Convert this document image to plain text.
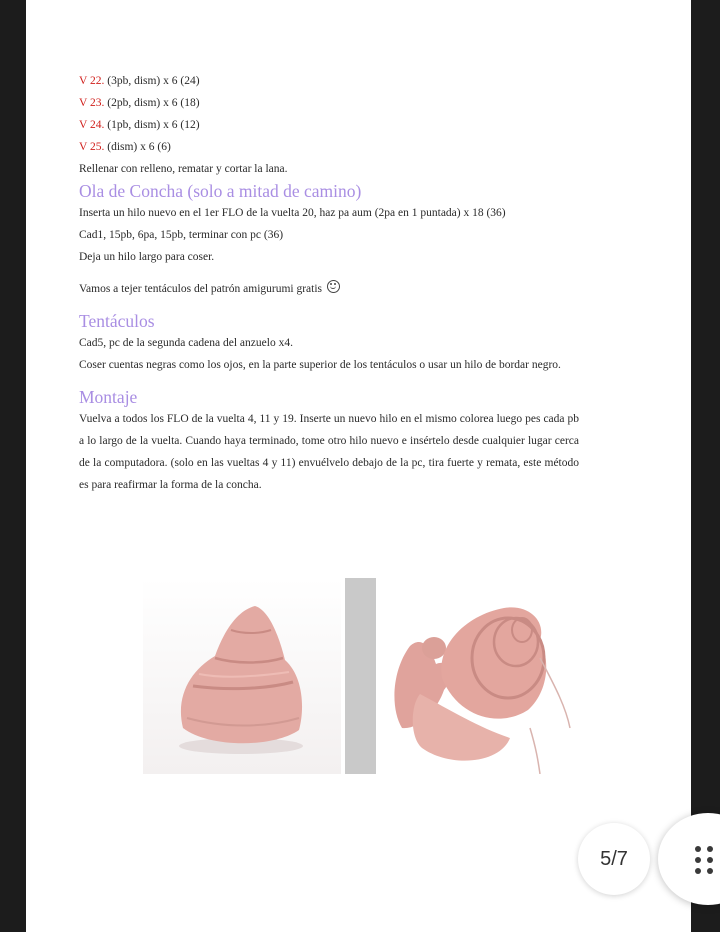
V 22. (3pb, dism) x 6 (24)
V 23. (2pb, dism) x 6 (18)
V 24. (1pb, dism) x 6 (12)
V 25. (dism) x 6 (6)
Rellenar con relleno, rematar y cortar la lana.
Ola de Concha (solo a mitad de camino)
Inserta un hilo nuevo en el 1er FLO de la vuelta 20, haz pa aum (2pa en 1 puntada) x 18 (36)
Cad1, 15pb, 6pa, 15pb, terminar con pc (36)
Deja un hilo largo para coser.
Vamos a tejer tentáculos del patrón amigurumi gratis
Tentáculos
Cad5, pc de la segunda cadena del anzuelo x4.
Coser cuentas negras como los ojos, en la parte superior de los tentáculos o usar un hilo de bordar negro.
Montaje
Vuelva a todos los FLO de la vuelta 4, 11 y 19. Inserte un nuevo hilo en el mismo colorea luego pes cada pb a lo largo de la vuelta. Cuando haya terminado, tome otro hilo nuevo e insértelo desde cualquier lugar cerca de la computadora. (solo en las vueltas 4 y 11) envuélvelo debajo de la pc, tira fuerte y remata, este método es para reafirmar la forma de la concha.
5/7
